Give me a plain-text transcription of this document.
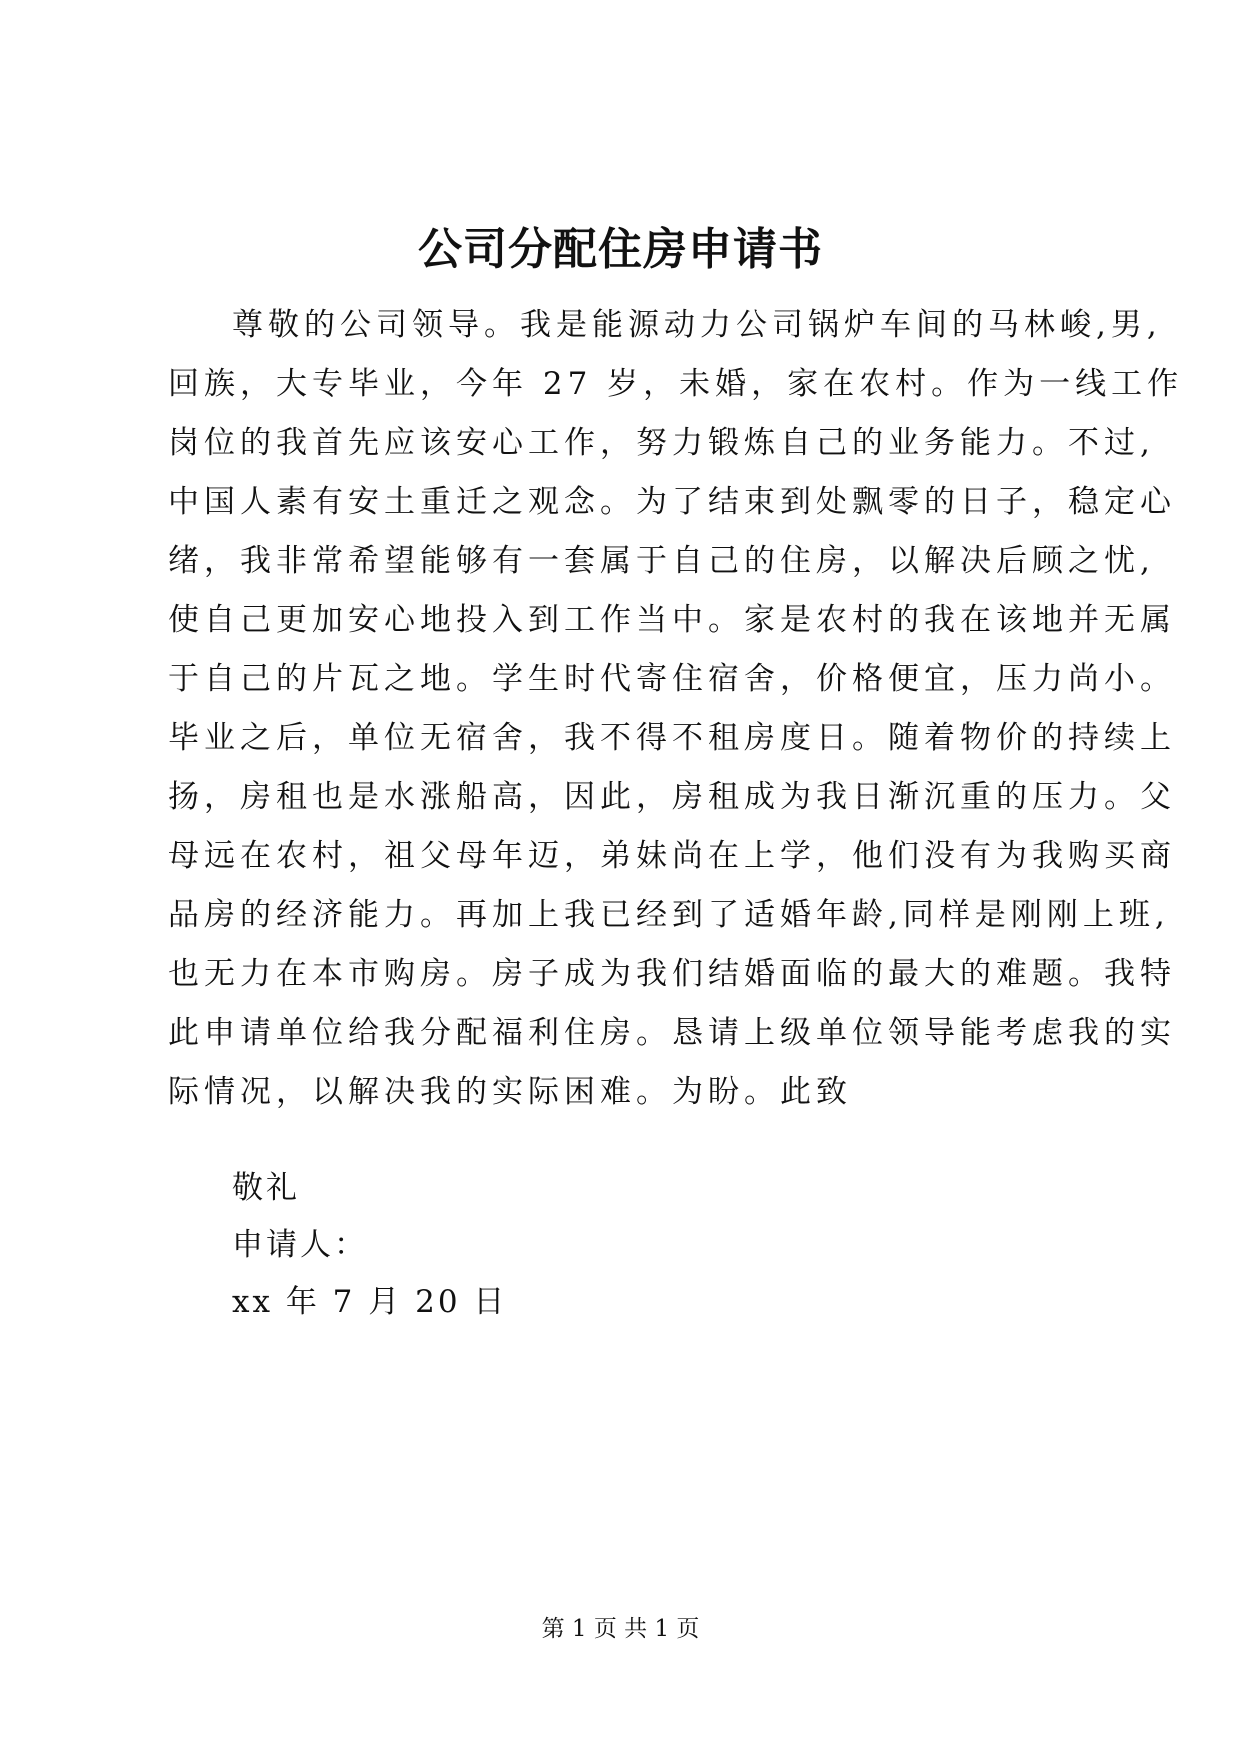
公司分配住房申请书
尊敬的公司领导。我是能源动力公司锅炉车间的马林峻,男,
回族，大专毕业，今年 27 岁，未婚，家在农村。作为一线工作
岗位的我首先应该安心工作，努力锻炼自己的业务能力。不过,
中国人素有安土重迁之观念。为了结束到处飘零的日子，稳定心
绪，我非常希望能够有一套属于自己的住房，以解决后顾之忧,
使自己更加安心地投入到工作当中。家是农村的我在该地并无属
于自己的片瓦之地。学生时代寄住宿舍，价格便宜，压力尚小。
毕业之后，单位无宿舍，我不得不租房度日。随着物价的持续上
扬，房租也是水涨船高，因此，房租成为我日渐沉重的压力。父
母远在农村，祖父母年迈，弟妹尚在上学，他们没有为我购买商
品房的经济能力。再加上我已经到了适婚年龄,同样是刚刚上班,
也无力在本市购房。房子成为我们结婚面临的最大的难题。我特
此申请单位给我分配福利住房。恳请上级单位领导能考虑我的实
际情况，以解决我的实际困难。为盼。此致
敬礼
申请人：
xx 年 7 月 20 日
第 1 页 共 1 页
